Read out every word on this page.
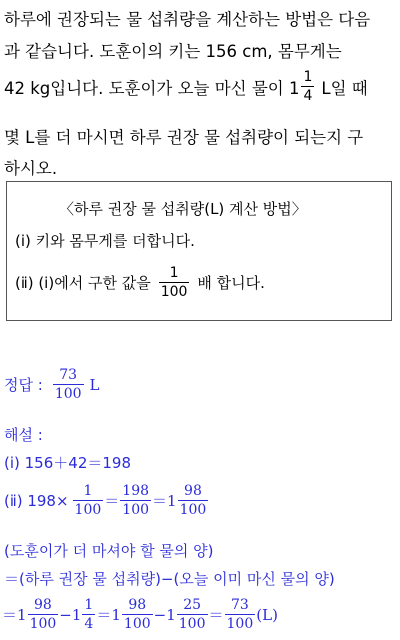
하루에 권장되는 물 섭취량을 계산하는 방법은 다음
과 같습니다. 도훈이의 키는 156 cm, 몸무게는
42 kg입니다. 도훈이가 오늘 마신 물이 $1 \frac{1}{4}$ L일 때
몇 L를 더 마시면 하루 권장 물 섭취량이 되는지 구
하시오.
〈하루 권장 물 섭취량(L) 계산 방법〉
(ⅰ) 키와 몸무게를 더합니다.
(ⅱ) (ⅰ)에서 구한 값을 $\frac{1}{100}$ 배 합니다.
정답 : $\frac{73}{100}$ L
해설 :
(ⅰ) 156＋42＝198
(ⅱ) $198\times \frac{1}{100} = \frac{198}{100} = 1 \frac{98}{100}$
(도훈이가 더 마셔야 할 물의 양)
＝(하루 권장 물 섭취량)−(오늘 이미 마신 물의 양)
＝ $1 \frac{98}{100} - 1 \frac{1}{4} = 1 \frac{98}{100} - 1 \frac{25}{100} = \frac{73}{100} (L)$
